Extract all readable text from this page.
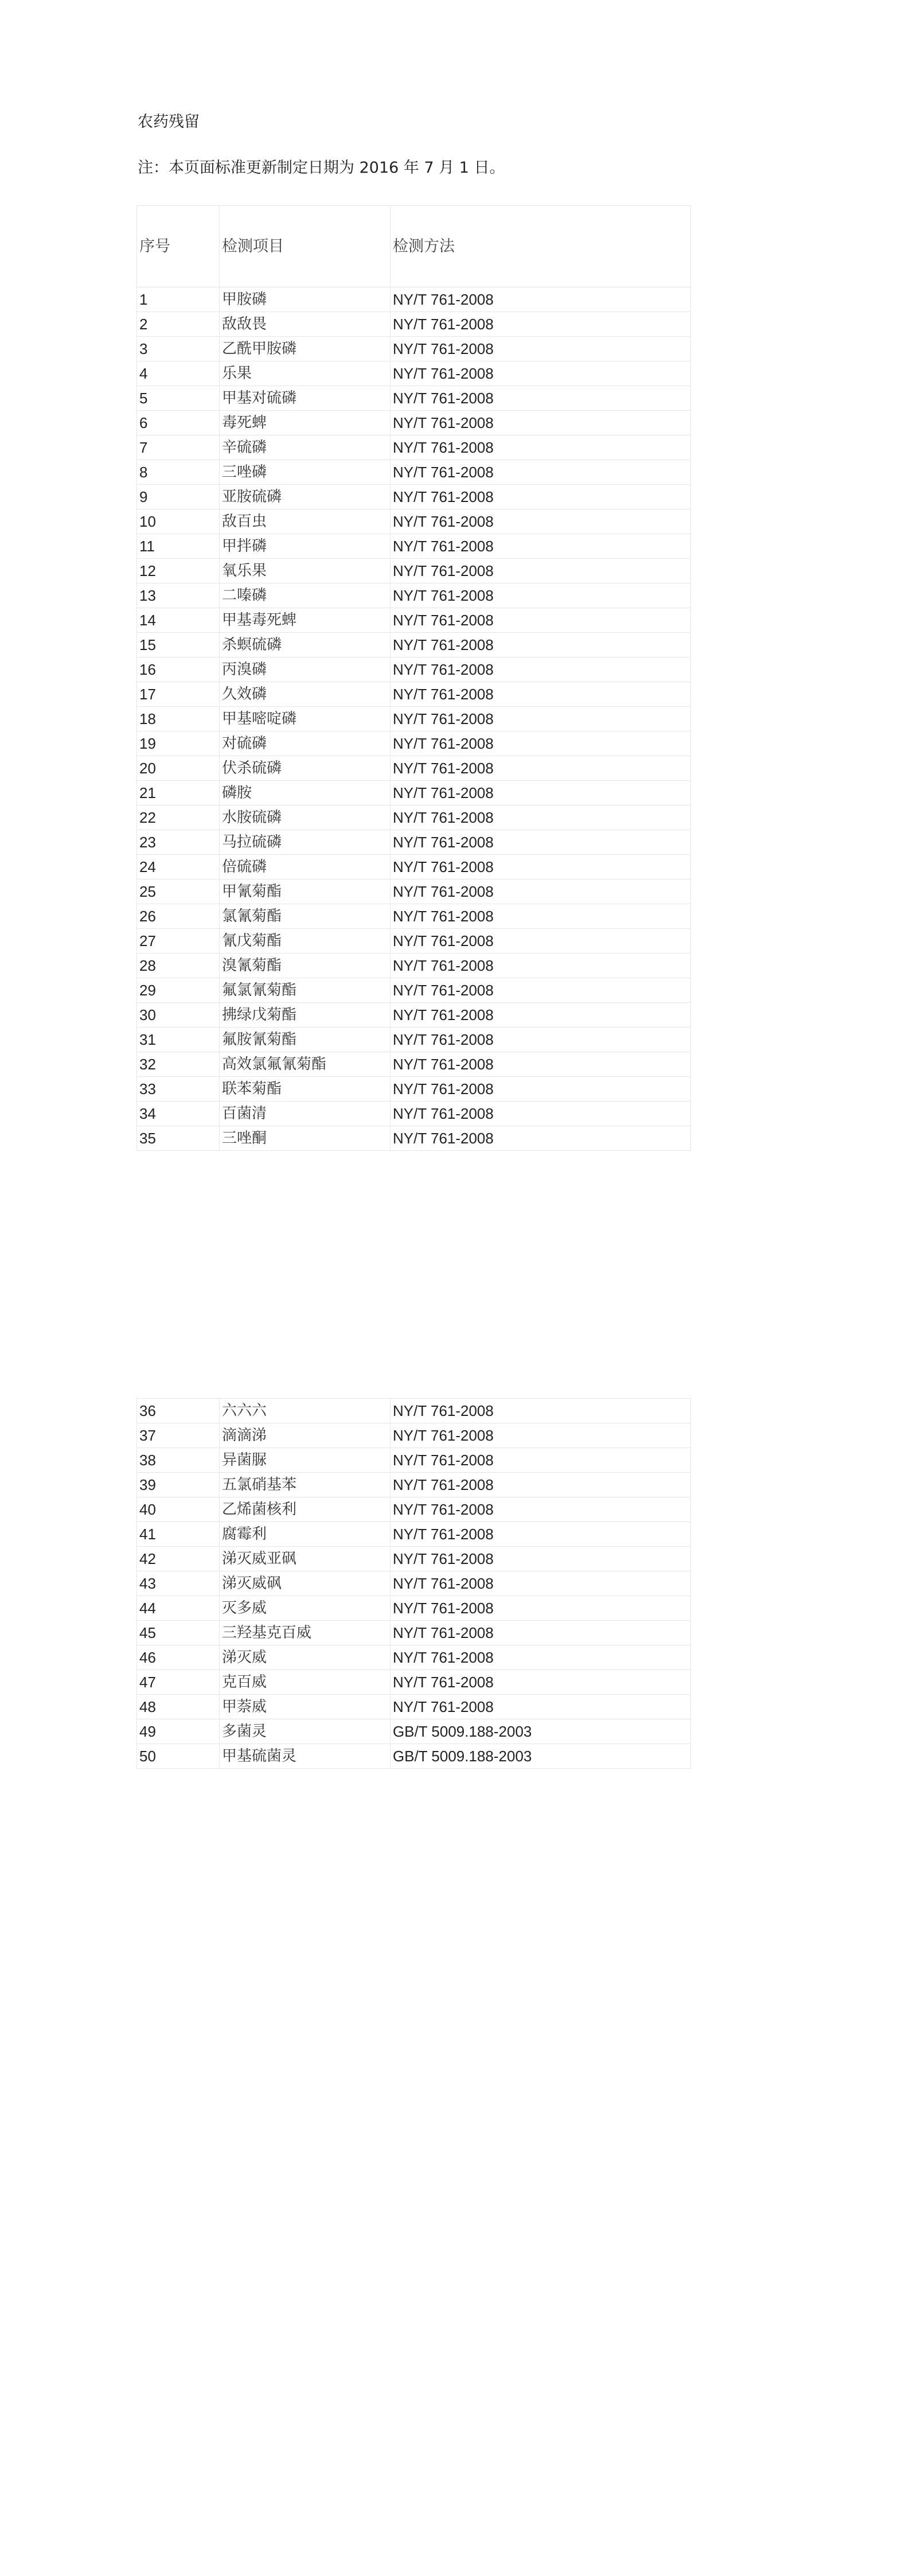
农药残留
注：本页面标准更新制定日期为 2016 年 7 月 1 日。
序号	检测项目	检测方法
1	甲胺磷	NY/T 761-2008
2	敌敌畏	NY/T 761-2008
3	乙酰甲胺磷	NY/T 761-2008
4	乐果	NY/T 761-2008
5	甲基对硫磷	NY/T 761-2008
6	毒死蜱	NY/T 761-2008
7	辛硫磷	NY/T 761-2008
8	三唑磷	NY/T 761-2008
9	亚胺硫磷	NY/T 761-2008
10	敌百虫	NY/T 761-2008
11	甲拌磷	NY/T 761-2008
12	氧乐果	NY/T 761-2008
13	二嗪磷	NY/T 761-2008
14	甲基毒死蜱	NY/T 761-2008
15	杀螟硫磷	NY/T 761-2008
16	丙溴磷	NY/T 761-2008
17	久效磷	NY/T 761-2008
18	甲基嘧啶磷	NY/T 761-2008
19	对硫磷	NY/T 761-2008
20	伏杀硫磷	NY/T 761-2008
21	磷胺	NY/T 761-2008
22	水胺硫磷	NY/T 761-2008
23	马拉硫磷	NY/T 761-2008
24	倍硫磷	NY/T 761-2008
25	甲氰菊酯	NY/T 761-2008
26	氯氰菊酯	NY/T 761-2008
27	氰戊菊酯	NY/T 761-2008
28	溴氰菊酯	NY/T 761-2008
29	氟氯氰菊酯	NY/T 761-2008
30	拂绿戊菊酯	NY/T 761-2008
31	氟胺氰菊酯	NY/T 761-2008
32	高效氯氟氰菊酯	NY/T 761-2008
33	联苯菊酯	NY/T 761-2008
34	百菌清	NY/T 761-2008
35	三唑酮	NY/T 761-2008
36	六六六	NY/T 761-2008
37	滴滴涕	NY/T 761-2008
38	异菌脲	NY/T 761-2008
39	五氯硝基苯	NY/T 761-2008
40	乙烯菌核利	NY/T 761-2008
41	腐霉利	NY/T 761-2008
42	涕灭威亚砜	NY/T 761-2008
43	涕灭威砜	NY/T 761-2008
44	灭多威	NY/T 761-2008
45	三羟基克百威	NY/T 761-2008
46	涕灭威	NY/T 761-2008
47	克百威	NY/T 761-2008
48	甲萘威	NY/T 761-2008
49	多菌灵	GB/T 5009.188-2003
50	甲基硫菌灵	GB/T 5009.188-2003
